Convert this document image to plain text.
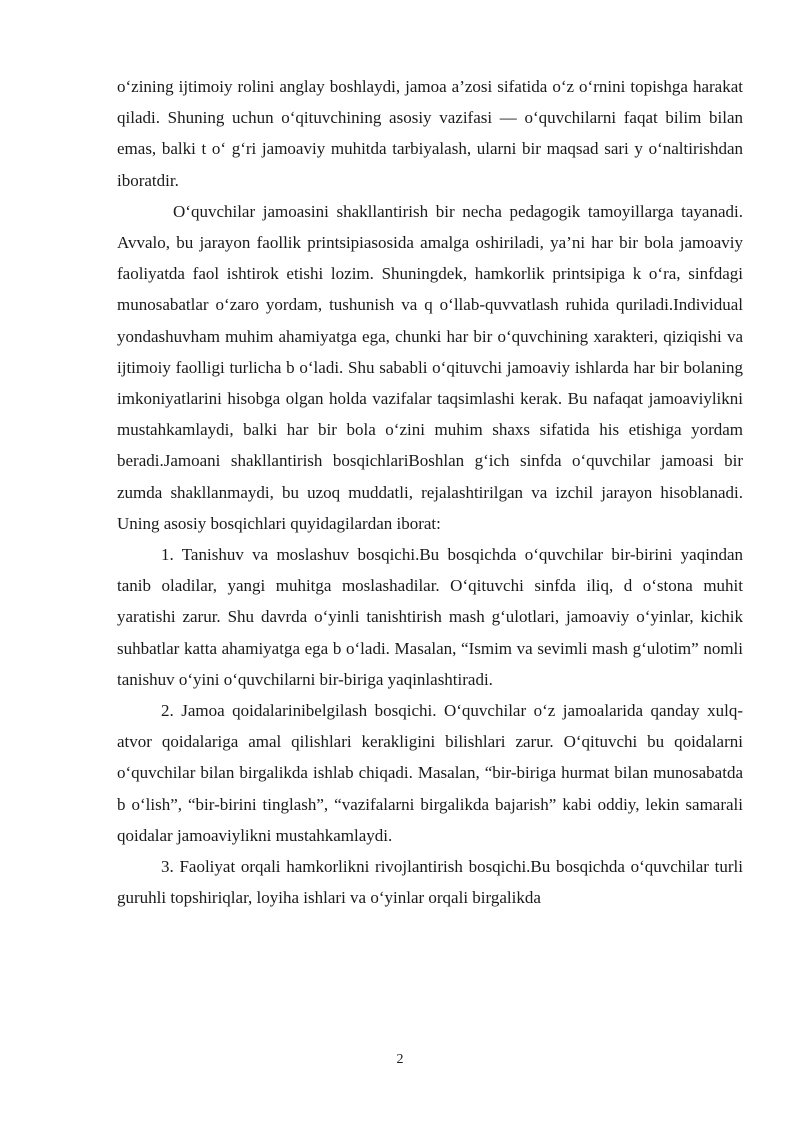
o‘zining ijtimoiy rolini anglay boshlaydi, jamoa a’zosi sifatida o‘z o‘rnini topishga harakat qiladi. Shuning uchun o‘qituvchining asosiy vazifasi — o‘quvchilarni faqat bilim bilan emas, balki t o‘ g‘ri jamoaviy muhitda tarbiyalash, ularni bir maqsad sari y o‘naltirishdan iboratdir.

O‘quvchilar jamoasini shakllantirish bir necha pedagogik tamoyillarga tayanadi. Avvalo, bu jarayon faollik printsipiasosida amalga oshiriladi, ya’ni har bir bola jamoaviy faoliyatda faol ishtirok etishi lozim. Shuningdek, hamkorlik printsipiga k o‘ra, sinfdagi munosabatlar o‘zaro yordam, tushunish va q o‘llab-quvvatlash ruhida quriladi.Individual yondashuvham muhim ahamiyatga ega, chunki har bir o‘quvchining xarakteri, qiziqishi va ijtimoiy faolligi turlicha b o‘ladi. Shu sababli o‘qituvchi jamoaviy ishlarda har bir bolaning imkoniyatlarini hisobga olgan holda vazifalar taqsimlashi kerak. Bu nafaqat jamoaviylikni mustahkamlaydi, balki har bir bola o‘zini muhim shaxs sifatida his etishiga yordam beradi.Jamoani shakllantirish bosqichlariBoshlan g‘ich sinfda o‘quvchilar jamoasi bir zumda shakllanmaydi, bu uzoq muddatli, rejalashtirilgan va izchil jarayon hisoblanadi. Uning asosiy bosqichlari quyidagilardan iborat:

1. Tanishuv va moslashuv bosqichi.Bu bosqichda o‘quvchilar bir-birini yaqindan tanib oladilar, yangi muhitga moslashadilar. O‘qituvchi sinfda iliq, d o‘stona muhit yaratishi zarur. Shu davrda o‘yinli tanishtirish mash g‘ulotlari, jamoaviy o‘yinlar, kichik suhbatlar katta ahamiyatga ega b o‘ladi. Masalan, “Ismim va sevimli mash g‘ulotim” nomli tanishuv o‘yini o‘quvchilarni bir-biriga yaqinlashtiradi.

2. Jamoa qoidalarinibelgilash bosqichi. O‘quvchilar o‘z jamoalarida qanday xulq-atvor qoidalariga amal qilishlari kerakligini bilishlari zarur. O‘qituvchi bu qoidalarni o‘quvchilar bilan birgalikda ishlab chiqadi. Masalan, “bir-biriga hurmat bilan munosabatda b o‘lish”, “bir-birini tinglash”, “vazifalarni birgalikda bajarish” kabi oddiy, lekin samarali qoidalar jamoaviylikni mustahkamlaydi.

3. Faoliyat orqali hamkorlikni rivojlantirish bosqichi.Bu bosqichda o‘quvchilar turli guruhli topshiriqlar, loyiha ishlari va o‘yinlar orqali birgalikda

2
